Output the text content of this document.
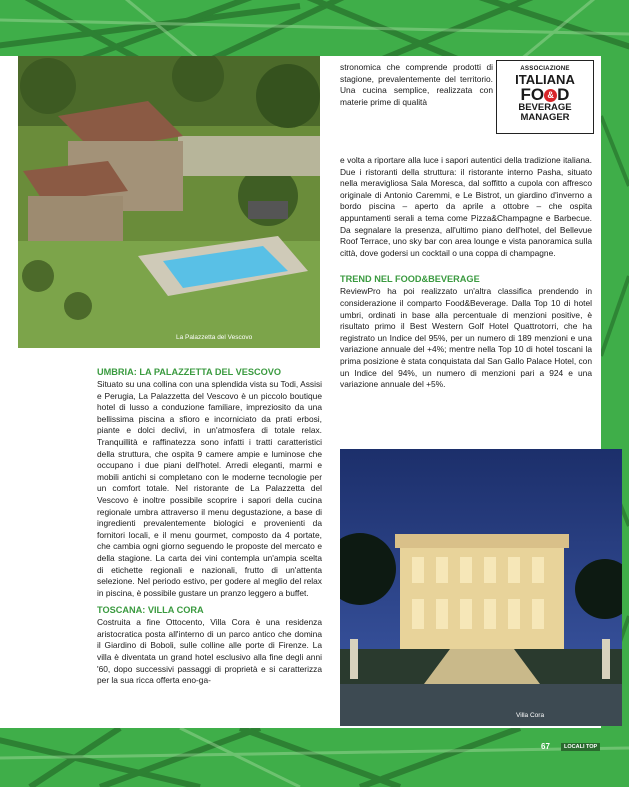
La Palazzetta del Vescovo
Villa Cora
ASSOCIAZIONE
ITALIANA
FO & D
BEVERAGE
MANAGER

stronomica che comprende prodotti di stagione, prevalentemente del territorio. Una cucina semplice, realizzata con materie prime di qualità

e volta a riportare alla luce i sapori autentici della tradizione italiana. Due i ristoranti della struttura: il ristorante interno Pasha, situato nella meravigliosa Sala Moresca, dal soffitto a cupola con affresco originale di Antonio Caremmi, e Le Bistrot, un giardino d'inverno a bordo piscina – aperto da aprile a ottobre – che ospita appuntamenti serali a tema come Pizza&Champagne e Barbecue. Da segnalare la presenza, all'ultimo piano dell'hotel, del Bellevue Roof Terrace, uno sky bar con area lounge e vista panoramica sulla città, dove godersi un cocktail o una coppa di champagne.

TREND NEL FOOD&BEVERAGE

ReviewPro ha poi realizzato un'altra classifica prendendo in considerazione il comparto Food&Beverage. Dalla Top 10 di hotel umbri, ordinati in base alla percentuale di menzioni positive, è risultato primo il Best Western Golf Hotel Quattrotorri, che ha registrato un Indice del 95%, per un numero di 189 menzioni e una variazione annuale del +4%; mentre nella Top 10 di hotel toscani la prima posizione è stata conquistata dal San Gallo Palace Hotel, con un Indice del 94%, un numero di menzioni pari a 924 e una variazione annuale del +5%.

UMBRIA: LA PALAZZETTA DEL VESCOVO

Situato su una collina con una splendida vista su Todi, Assisi e Perugia, La Palazzetta del Vescovo è un piccolo boutique hotel di lusso a conduzione familiare, impreziosito da una bellissima piscina a sfioro e incorniciato da prati erbosi, piante e dolci declivi, in un'atmosfera di totale relax. Tranquillità e raffinatezza sono infatti i tratti caratteristici della struttura, che ospita 9 camere ampie e luminose che occupano i due piani dell'hotel. Arredi eleganti, marmi e mobili antichi si completano con le moderne tecnologie per un comfort totale. Nel ristorante de La Palazzetta del Vescovo è inoltre possibile scoprire i sapori della cucina regionale umbra attraverso il menu degustazione, a base di ingredienti prevalentemente biologici e provenienti da fornitori locali, e il menu gourmet, composto da 4 portate, che cambia ogni giorno seguendo le proposte del mercato e della stagione. La carta dei vini contempla un'ampia scelta di etichette regionali e nazionali, frutto di un'attenta selezione. Nel periodo estivo, per godere al meglio del relax in piscina, è possibile gustare un pranzo leggero a buffet.

TOSCANA: VILLA CORA

Costruita a fine Ottocento, Villa Cora è una residenza aristocratica posta all'interno di un parco antico che domina il Giardino di Boboli, sulle colline alle porte di Firenze. La villa è diventata un grand hotel esclusivo alla fine degli anni '60, dopo successivi passaggi di proprietà e si caratterizza per la sua ricca offerta eno-ga-

67	LOCALI TOP
